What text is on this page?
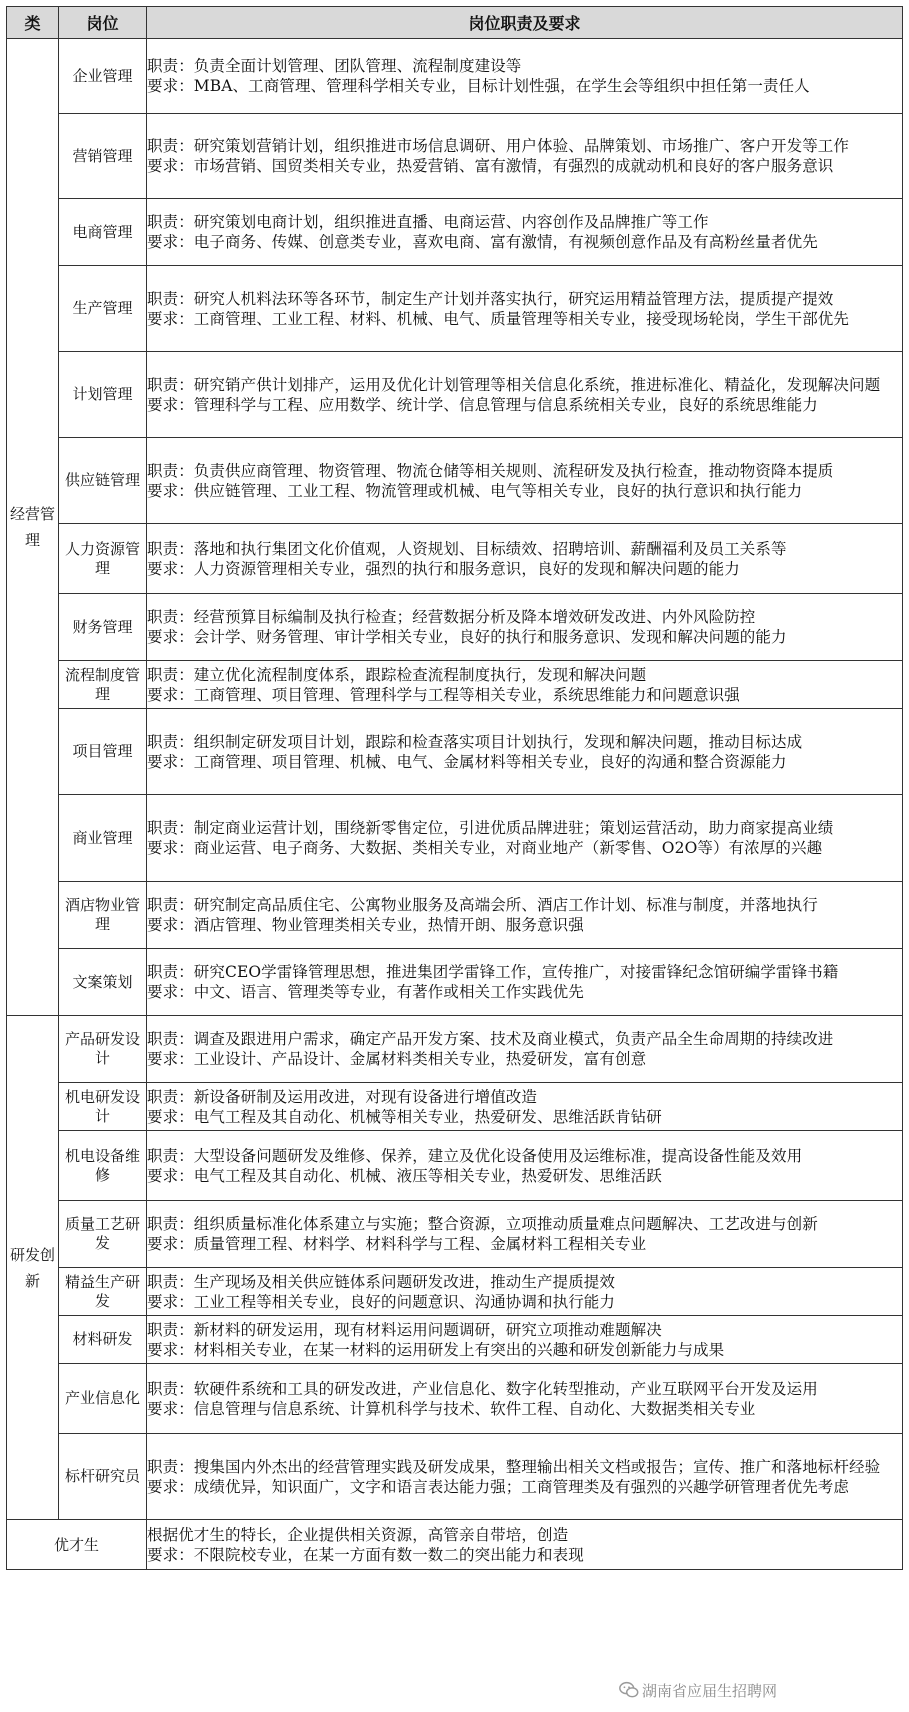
类	岗位	岗位职责及要求
经营管理	企业管理	职责：负责全面计划管理、团队管理、流程制度建设等
要求：MBA、工商管理、管理科学相关专业，目标计划性强，在学生会等组织中担任第一责任人

	营销管理	职责：研究策划营销计划，组织推进市场信息调研、用户体验、品牌策划、市场推广、客户开发等工作
要求：市场营销、国贸类相关专业，热爱营销、富有激情，有强烈的成就动机和良好的客户服务意识

	电商管理	职责：研究策划电商计划，组织推进直播、电商运营、内容创作及品牌推广等工作
要求：电子商务、传媒、创意类专业，喜欢电商、富有激情，有视频创意作品及有高粉丝量者优先

	生产管理	职责：研究人机料法环等各环节，制定生产计划并落实执行，研究运用精益管理方法，提质提产提效
要求：工商管理、工业工程、材料、机械、电气、质量管理等相关专业，接受现场轮岗，学生干部优先

	计划管理	职责：研究销产供计划排产，运用及优化计划管理等相关信息化系统，推进标准化、精益化，发现解决问题
要求：管理科学与工程、应用数学、统计学、信息管理与信息系统相关专业，良好的系统思维能力

	供应链管理	职责：负责供应商管理、物资管理、物流仓储等相关规则、流程研发及执行检查，推动物资降本提质
要求：供应链管理、工业工程、物流管理或机械、电气等相关专业，良好的执行意识和执行能力

	人力资源管理	职责：落地和执行集团文化价值观，人资规划、目标绩效、招聘培训、薪酬福利及员工关系等
要求：人力资源管理相关专业，强烈的执行和服务意识，良好的发现和解决问题的能力

	财务管理	职责：经营预算目标编制及执行检查；经营数据分析及降本增效研发改进、内外风险防控
要求：会计学、财务管理、审计学相关专业，良好的执行和服务意识、发现和解决问题的能力

	流程制度管理	职责：建立优化流程制度体系，跟踪检查流程制度执行，发现和解决问题
要求：工商管理、项目管理、管理科学与工程等相关专业，系统思维能力和问题意识强

	项目管理	职责：组织制定研发项目计划，跟踪和检查落实项目计划执行，发现和解决问题，推动目标达成
要求：工商管理、项目管理、机械、电气、金属材料等相关专业，良好的沟通和整合资源能力

	商业管理	职责：制定商业运营计划，围绕新零售定位，引进优质品牌进驻；策划运营活动，助力商家提高业绩
要求：商业运营、电子商务、大数据、类相关专业，对商业地产（新零售、O2O等）有浓厚的兴趣

	酒店物业管理	职责：研究制定高品质住宅、公寓物业服务及高端会所、酒店工作计划、标准与制度，并落地执行
要求：酒店管理、物业管理类相关专业，热情开朗、服务意识强

	文案策划	职责：研究CEO学雷锋管理思想，推进集团学雷锋工作，宣传推广，对接雷锋纪念馆研编学雷锋书籍
要求：中文、语言、管理类等专业，有著作或相关工作实践优先

研发创新	产品研发设计	职责：调查及跟进用户需求，确定产品开发方案、技术及商业模式，负责产品全生命周期的持续改进
要求：工业设计、产品设计、金属材料类相关专业，热爱研发，富有创意

	机电研发设计	职责：新设备研制及运用改进，对现有设备进行增值改造
要求：电气工程及其自动化、机械等相关专业，热爱研发、思维活跃肯钻研

	机电设备维修	职责：大型设备问题研发及维修、保养，建立及优化设备使用及运维标准，提高设备性能及效用
要求：电气工程及其自动化、机械、液压等相关专业，热爱研发、思维活跃

	质量工艺研发	职责：组织质量标准化体系建立与实施；整合资源，立项推动质量难点问题解决、工艺改进与创新
要求：质量管理工程、材料学、材料科学与工程、金属材料工程相关专业

	精益生产研发	职责：生产现场及相关供应链体系问题研发改进，推动生产提质提效
要求：工业工程等相关专业，良好的问题意识、沟通协调和执行能力

	材料研发	职责：新材料的研发运用，现有材料运用问题调研，研究立项推动难题解决
要求：材料相关专业，在某一材料的运用研发上有突出的兴趣和研发创新能力与成果

	产业信息化	职责：软硬件系统和工具的研发改进，产业信息化、数字化转型推动，产业互联网平台开发及运用
要求：信息管理与信息系统、计算机科学与技术、软件工程、自动化、大数据类相关专业

	标杆研究员	职责：搜集国内外杰出的经营管理实践及研发成果，整理输出相关文档或报告；宣传、推广和落地标杆经验
要求：成绩优异，知识面广，文字和语言表达能力强；工商管理类及有强烈的兴趣学研管理者优先考虑

优才生		根据优才生的特长，企业提供相关资源，高管亲自带培，创造
要求：不限院校专业，在某一方面有数一数二的突出能力和表现
湖南省应届生招聘网
